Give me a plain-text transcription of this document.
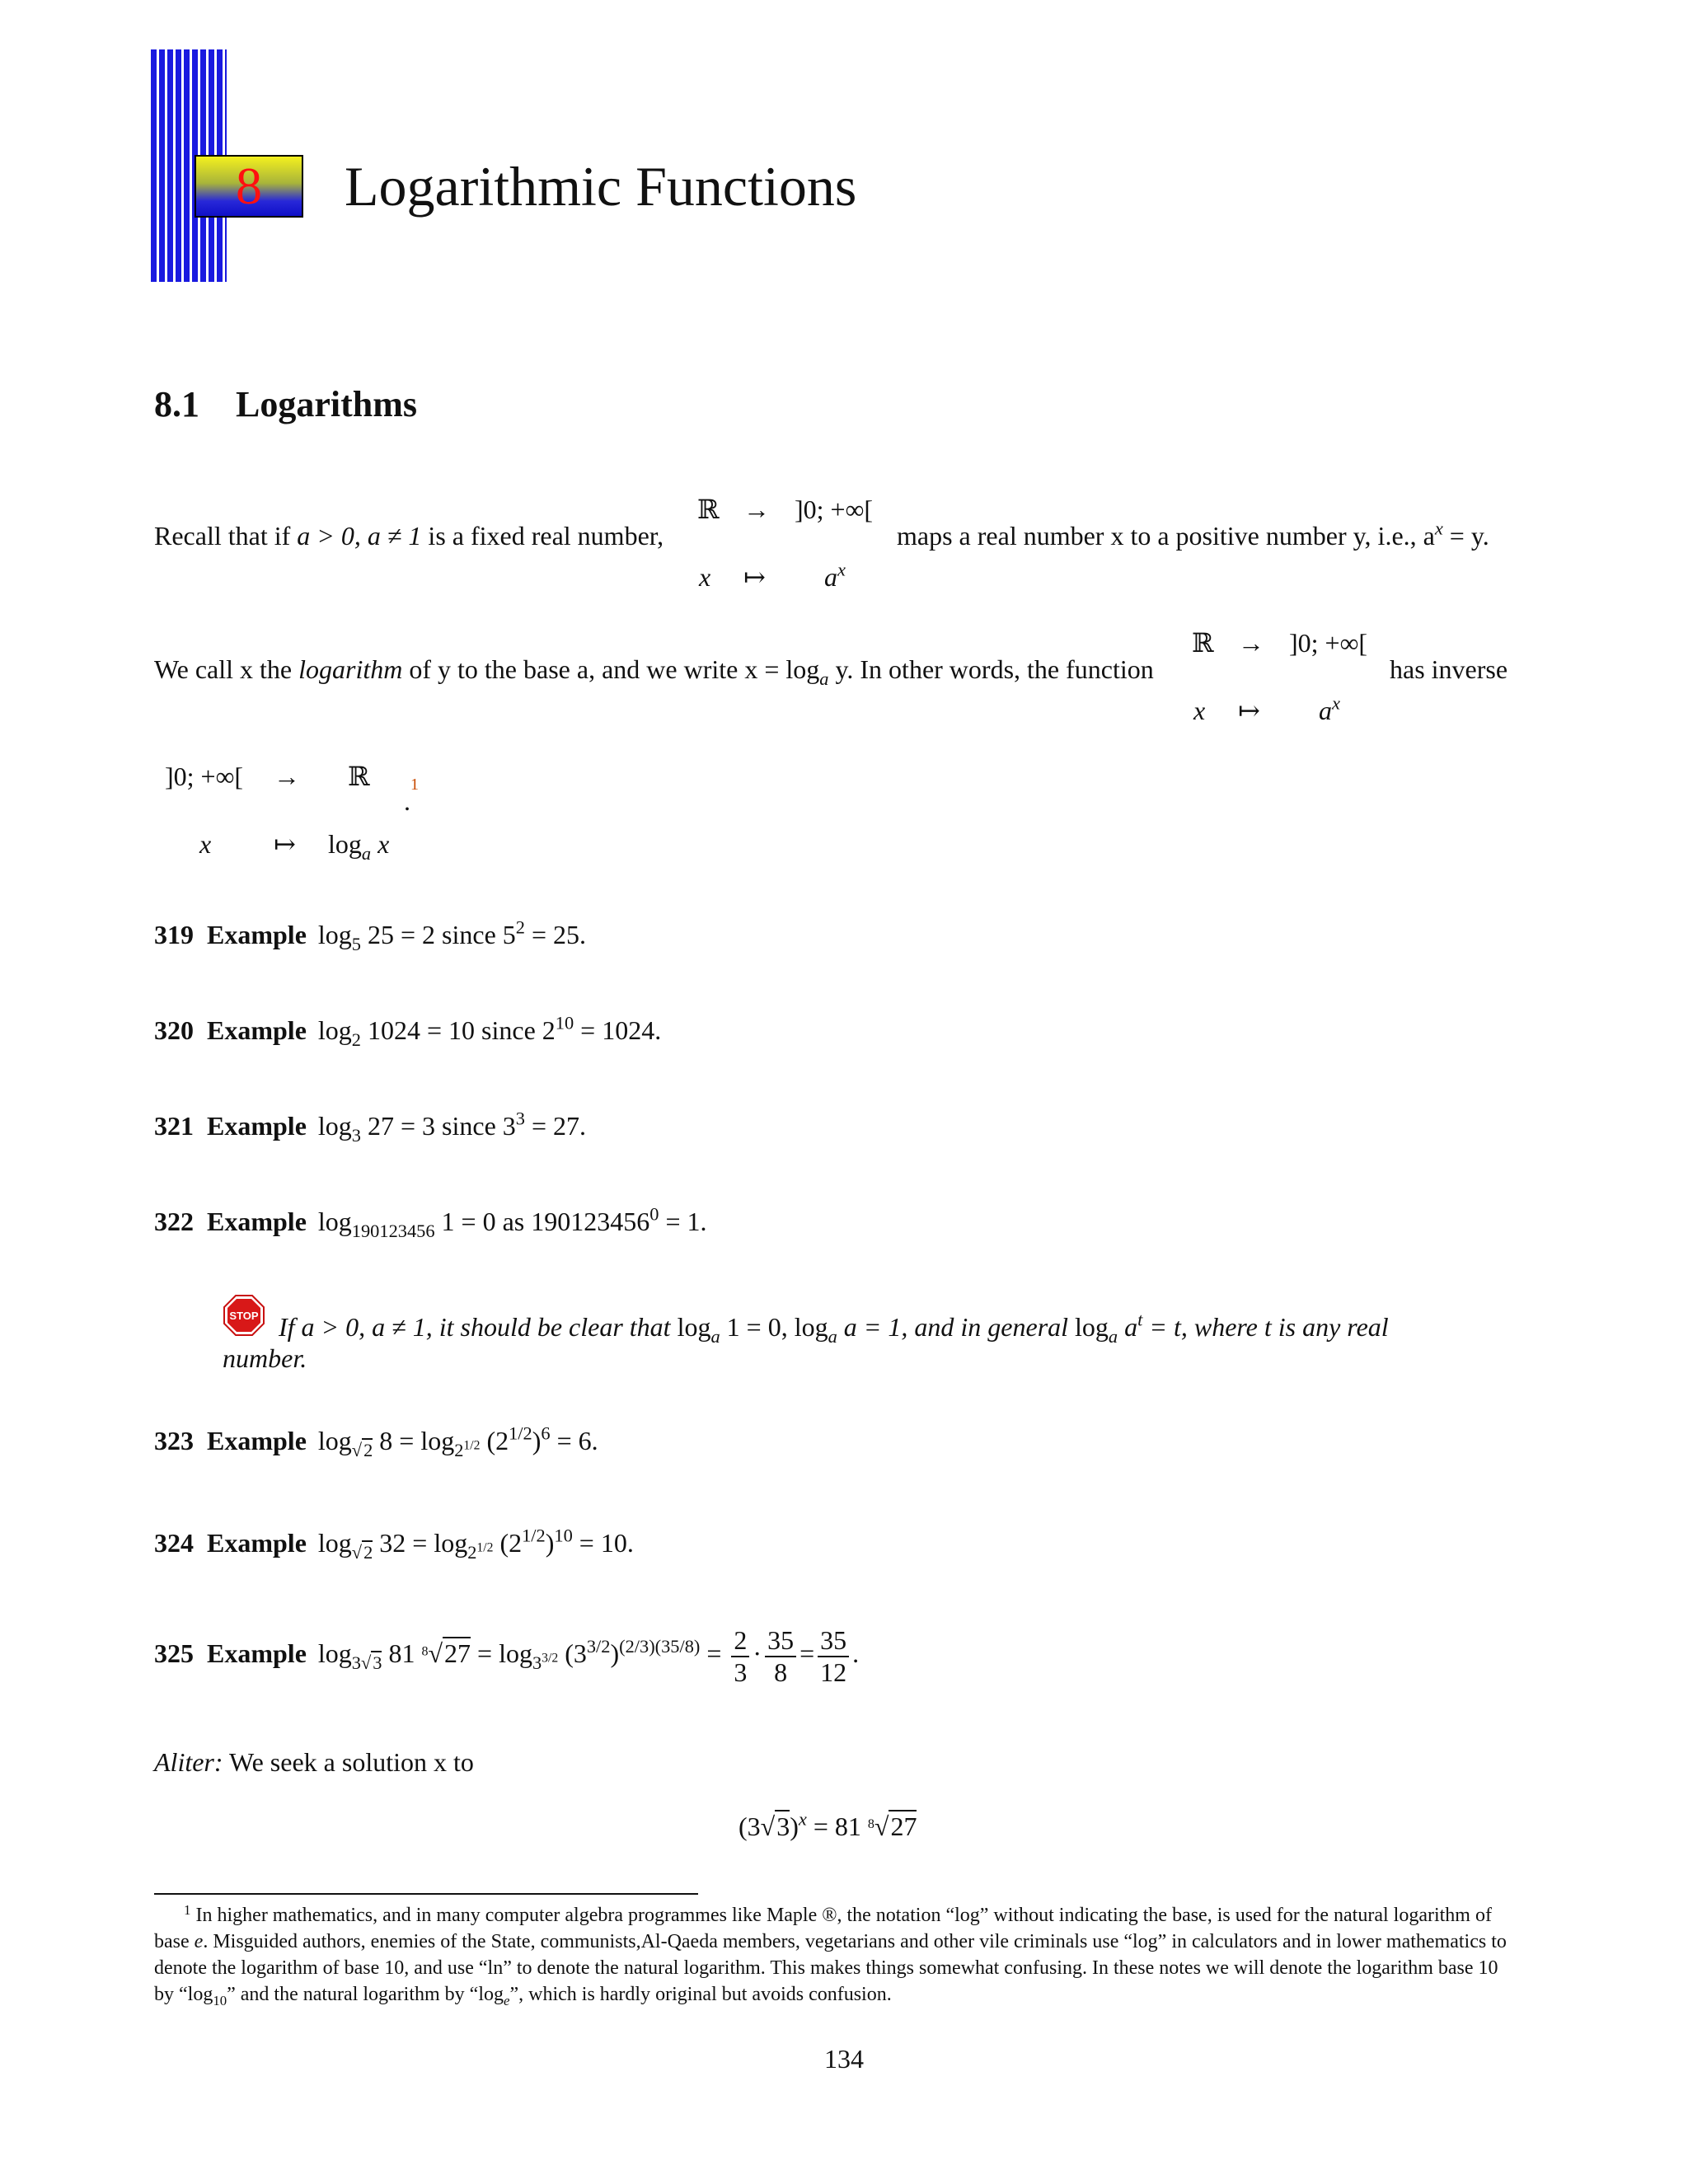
8 Logarithmic Functions
8.1 Logarithms
Recall that if a > 0, a ≠ 1 is a fixed real number,
ℝ → ]0; +∞[
x ↦ $a^x$
maps a real number x to a positive number y, i.e., $a^x = y$.
We call x the logarithm of y to the base a, and we write $x = \log_a y$. In other words, the function
ℝ → ]0; +∞[
x ↦ $a^x$
has inverse
]0; +∞[ → ℝ
x ↦ $\log_a x$
.
1
319 Example $\log_5 25 = 2$ since $5^2 = 25$.
320 Example $\log_2 1024 = 10$ since $2^{10} = 1024$.
321 Example $\log_3 27 = 3$ since $3^3 = 27$.
322 Example $\log_{190123456} 1 = 0$ as $190123456^0 = 1$.
STOP If a > 0, a ≠ 1, it should be clear that $\log_a 1 = 0$, $\log_a a = 1$, and in general $\log_a a^t = t$, where t is any real
number.
323 Example $\log_{√2} 8 = \log_{2^{1/2}} (2^{1/2})^6 = 6$.
324 Example $\log_{√2} 32 = \log_{2^{1/2}} (2^{1/2})^{10} = 10$.
325 Example $\log_{3√3} 81$ $^8√27 = \log_{3^{3/2}} (3^{3/2})^{(2/3)(35/8)} = \frac{2}{3} \cdot \frac{35}{8} = \frac{35}{12}$ .
Aliter: We seek a solution x to
$(3√3)^x = 81$ $^8$√27
$^1$ In higher mathematics, and in many computer algebra programmes like Maple ®, the notation “log” without indicating the base, is used for the natural logarithm of base e. Misguided authors, enemies of the State, communists,Al-Qaeda members, vegetarians and other vile criminals use “log” in calculators and in lower mathematics to denote the logarithm of base 10, and use “ln” to denote the natural logarithm. This makes things somewhat confusing. In these notes we will denote the logarithm base 10 by “$\log_{10}$” and the natural logarithm by “$\log_e$”, which is hardly original but avoids confusion.
134
